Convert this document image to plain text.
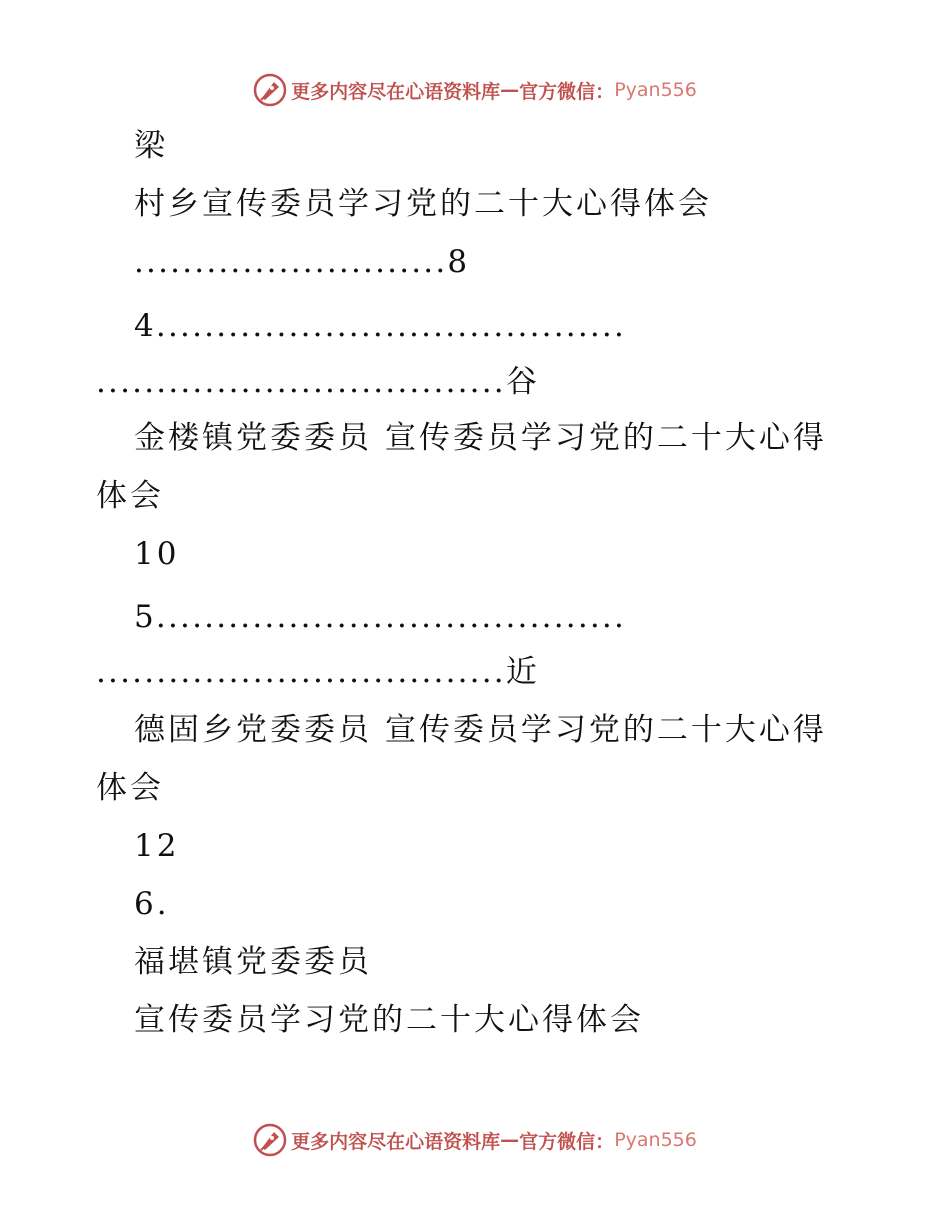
更多内容尽在心语资料库 — 官方微信： Pyan556
梁
村乡宣传委员学习党的二十大心得体会
..........................8
4.......................................
..................................谷
金楼镇党委委员 宣传委员学习党的二十大心得
体会
10
5.......................................
..................................近
德固乡党委委员 宣传委员学习党的二十大心得
体会
12
6.
福堪镇党委委员
宣传委员学习党的二十大心得体会
更多内容尽在心语资料库 — 官方微信： Pyan556
